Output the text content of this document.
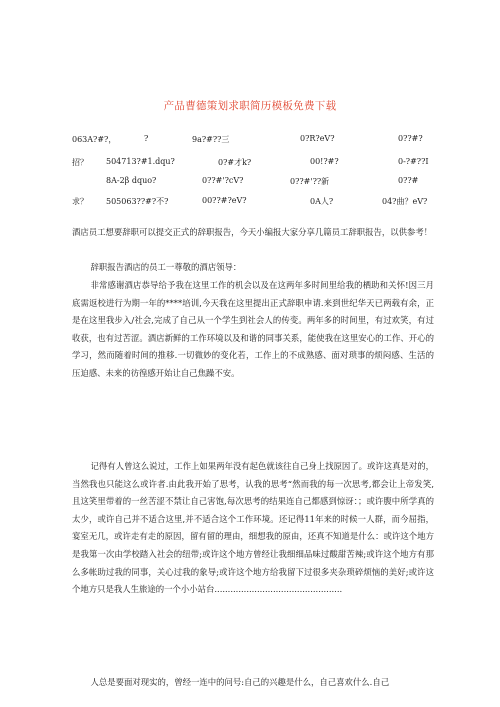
产品曹德策划求职简历模板免费下载
063A?#?，	?	9a?#??三	0?R?eV?	0??#?
招？ 504713?#1.dqu?	0?#才k?	00!?#?	0-?#??I
8A-2β dquo?	0??#'?cV?	0??#'??新	0??#
求？ 505063??#?不?	00??#?eV?	0A人?	04?曲？eV?

酒店员工想要辞职可以提交正式的辞职报告，今天小编报大家分享几篇员工辞职报告，以供参考！

辞职报告酒店的员工一尊敬的酒店领导：

非常感谢酒店恭导给予我在这里工作的机会以及在这两年多时间里给我的栖助和关怀!因三月底需返校进行为期一年的****培训,今天我在这里提出正式辞职申请.来到世纪华天已两载有余，正是在这里我步入/社会,完成了自己从一个学生到社会人的传变。两年多的时间里，有过欢笑，有过收获，也有过苦涩。酒店新鲜的工作环境以及和谐的同事关系，能使我在这里安心的工作、开心的学习，然而随着时间的推移.一切微妙的变化若，工作上的不成熟感、面对琐事的烦闷感、生活的压迫感、未来的彷徨感开始让自己焦躁不安。

记得有人曾这么说过，工作上如果两年没有起色就该往自己身上找原因了。或许这真是对的，当然我也只能这么或许者.由此我开始了思考，认我的思考“然而我的每一次思考,都会让上帝发笑,且这笑里带着的一丝苦涩不禁让自己害饱,每次思考的结果连自己都感到惊讶：；或许腹中所学真的太少，或许自己并不适合这里,并不适合这个工作环境。还记得11年来的时候一人群，而今屈指，宴室无几，或许走有走的原因，留有留的理由，细想我的原由，还真不知道是什么：或许这个地方是我第一次由学校踏入社会的纽带;或许这个地方曾经让我细细品味过酸甜苦辣;或许这个地方有那么多帐助过我的同事，关心过我的象导;或许这个地方给我留下过很多夹杂琐碎烦恼的美好;或许这个地方只是我人生旅途的一个小小站台................................................

人总是要面对现实的，曾经一连中的问号:自己的兴趣是什么，自己喜欢什么.自己
